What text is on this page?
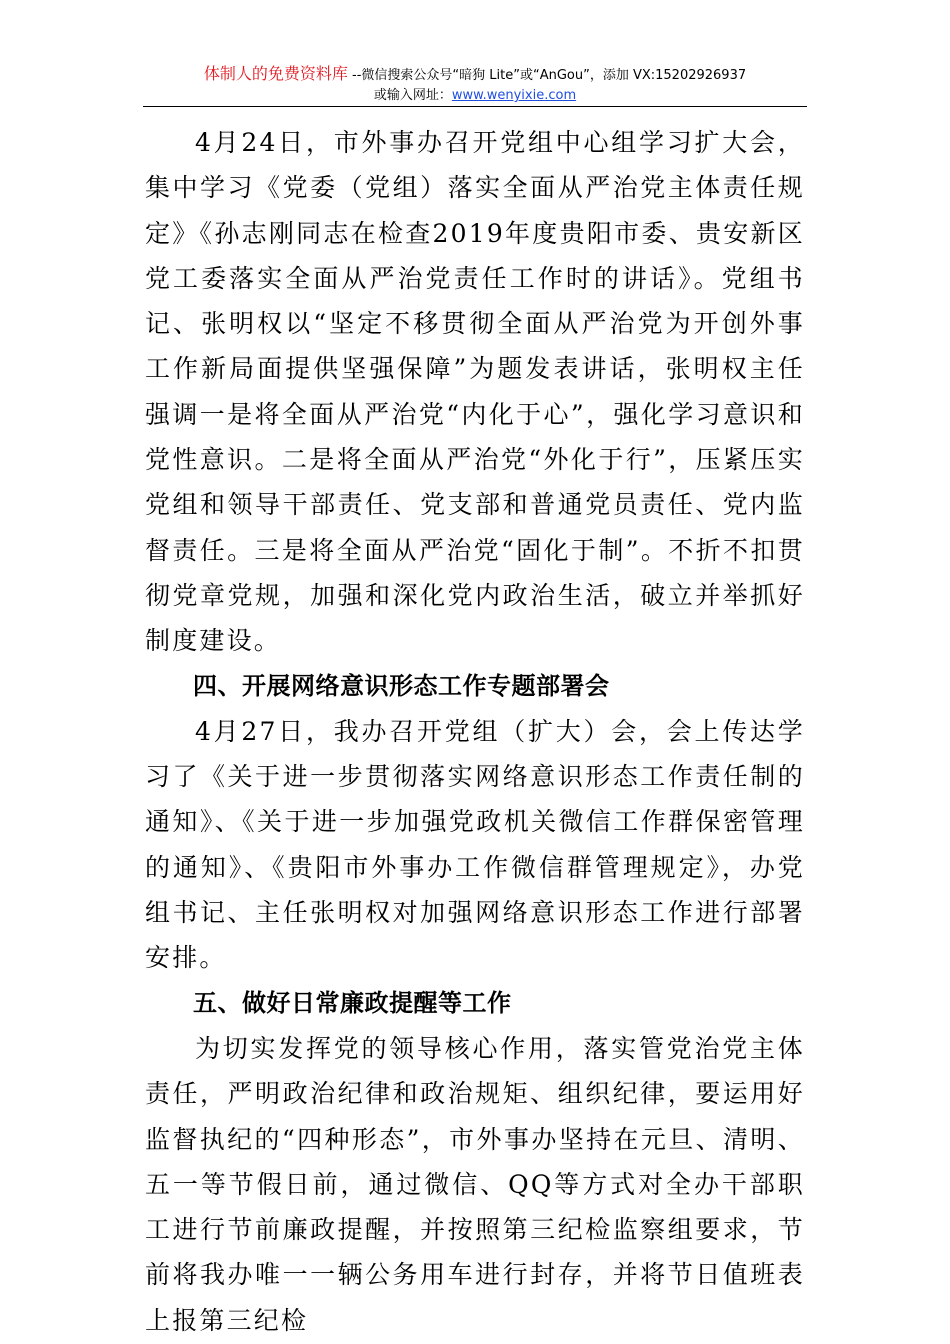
体制人的免费资料库 --微信搜索公众号“暗狗 Lite”或“AnGou”，添加 VX:15202926937
或输入网址：www.wenyixie.com

4月24日，市外事办召开党组中心组学习扩大会，集中学习《党委（党组）落实全面从严治党主体责任规定》《孙志刚同志在检查2019年度贵阳市委、贵安新区党工委落实全面从严治党责任工作时的讲话》。党组书记、张明权以“坚定不移贯彻全面从严治党为开创外事工作新局面提供坚强保障”为题发表讲话，张明权主任强调一是将全面从严治党“内化于心”，强化学习意识和党性意识。二是将全面从严治党“外化于行”，压紧压实党组和领导干部责任、党支部和普通党员责任、党内监督责任。三是将全面从严治党“固化于制”。不折不扣贯彻党章党规，加强和深化党内政治生活，破立并举抓好制度建设。

四、开展网络意识形态工作专题部署会

4月27日，我办召开党组（扩大）会，会上传达学习了《关于进一步贯彻落实网络意识形态工作责任制的通知》、《关于进一步加强党政机关微信工作群保密管理的通知》、《贵阳市外事办工作微信群管理规定》，办党组书记、主任张明权对加强网络意识形态工作进行部署安排。

五、做好日常廉政提醒等工作

为切实发挥党的领导核心作用，落实管党治党主体责任，严明政治纪律和政治规矩、组织纪律，要运用好监督执纪的“四种形态”，市外事办坚持在元旦、清明、五一等节假日前，通过微信、QQ等方式对全办干部职工进行节前廉政提醒，并按照第三纪检监察组要求，节前将我办唯一一辆公务用车进行封存，并将节日值班表上报第三纪检
